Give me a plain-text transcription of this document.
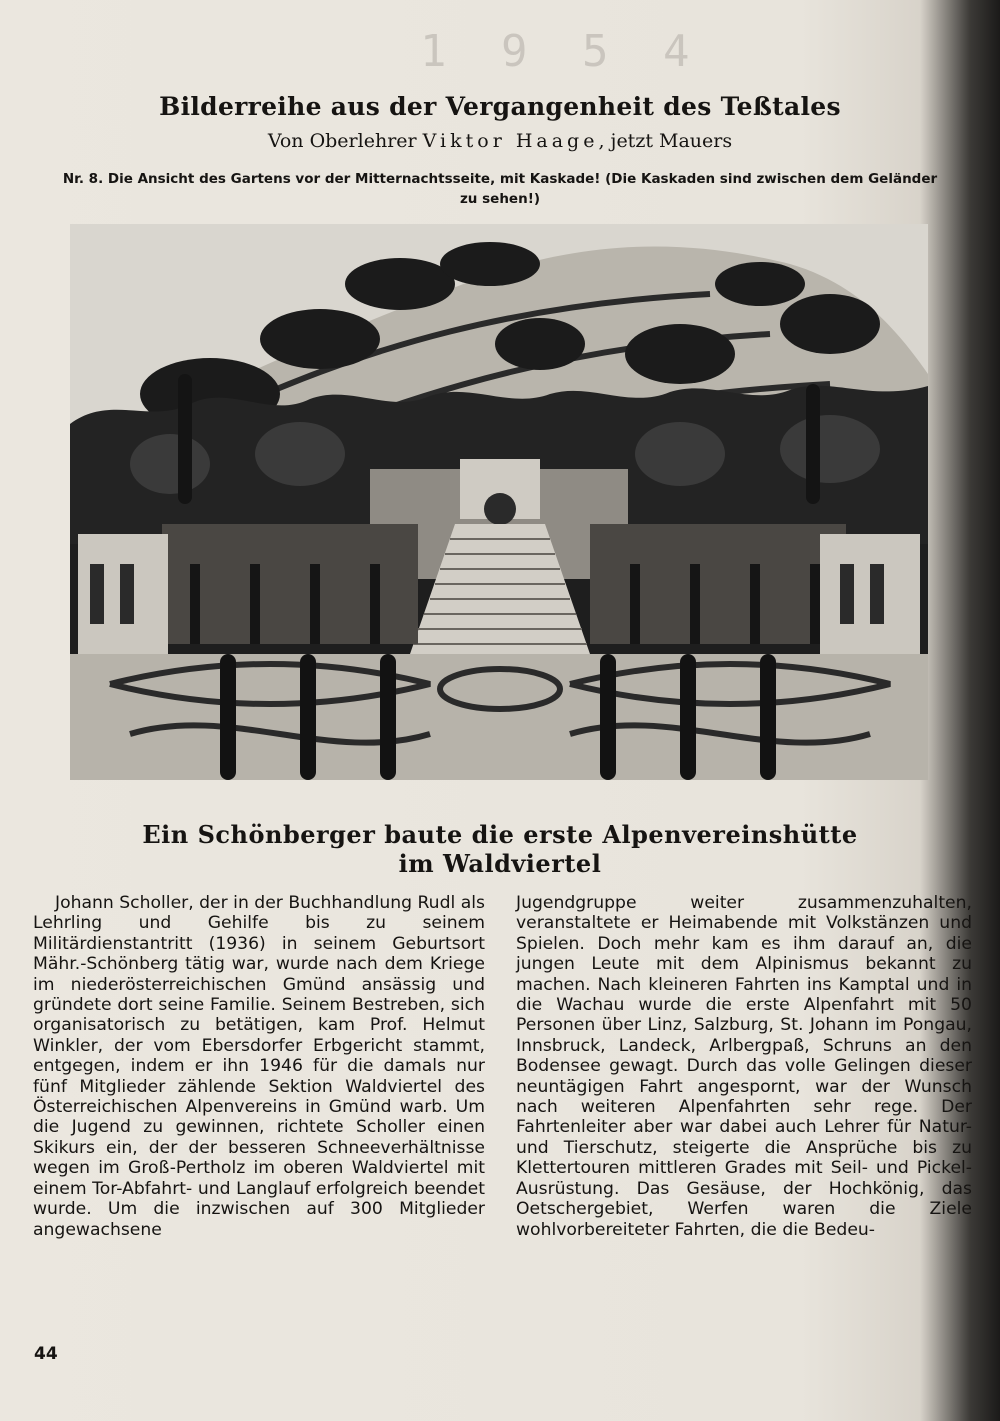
1 9 5 4
Bilderreihe aus der Vergangenheit des Teßtales
Von Oberlehrer Viktor Haage, jetzt Mauers
Nr. 8. Die Ansicht des Gartens vor der Mitternachtsseite, mit Kaskade! (Die Kaskaden sind zwischen dem Geländer zu sehen!)
Ein Schönberger baute die erste Alpenvereinshütte
im Waldviertel

Johann Scholler, der in der Buchhandlung Rudl als Lehrling und Gehilfe bis zu seinem Militärdienstantritt (1936) in seinem Geburtsort Mähr.-Schönberg tätig war, wurde nach dem Kriege im niederösterreichischen Gmünd ansässig und gründete dort seine Familie. Seinem Bestreben, sich organisatorisch zu betätigen, kam Prof. Helmut Winkler, der vom Ebersdorfer Erbgericht stammt, entgegen, indem er ihn 1946 für die damals nur fünf Mitglieder zählende Sektion Waldviertel des Österreichischen Alpenvereins in Gmünd warb. Um die Jugend zu gewinnen, richtete Scholler einen Skikurs ein, der der besseren Schneeverhältnisse wegen im Groß-Pertholz im oberen Waldviertel mit einem Tor-Abfahrt- und Langlauf erfolgreich beendet wurde. Um die inzwischen auf 300 Mitglieder angewachsene

Jugendgruppe weiter zusammenzuhalten, veranstaltete er Heimabende mit Volkstänzen und Spielen. Doch mehr kam es ihm darauf an, die jungen Leute mit dem Alpinismus bekannt zu machen. Nach kleineren Fahrten ins Kamptal und in die Wachau wurde die erste Alpenfahrt mit 50 Personen über Linz, Salzburg, St. Johann im Pongau, Innsbruck, Landeck, Arlbergpaß, Schruns an den Bodensee gewagt. Durch das volle Gelingen dieser neuntägigen Fahrt angespornt, war der Wunsch nach weiteren Alpenfahrten sehr rege. Der Fahrtenleiter aber war dabei auch Lehrer für Natur- und Tierschutz, steigerte die Ansprüche bis zu Klettertouren mittleren Grades mit Seil- und Pickel-Ausrüstung. Das Gesäuse, der Hochkönig, das Oetschergebiet, Werfen waren die Ziele wohlvorbereiteter Fahrten, die die Bedeu-

44
